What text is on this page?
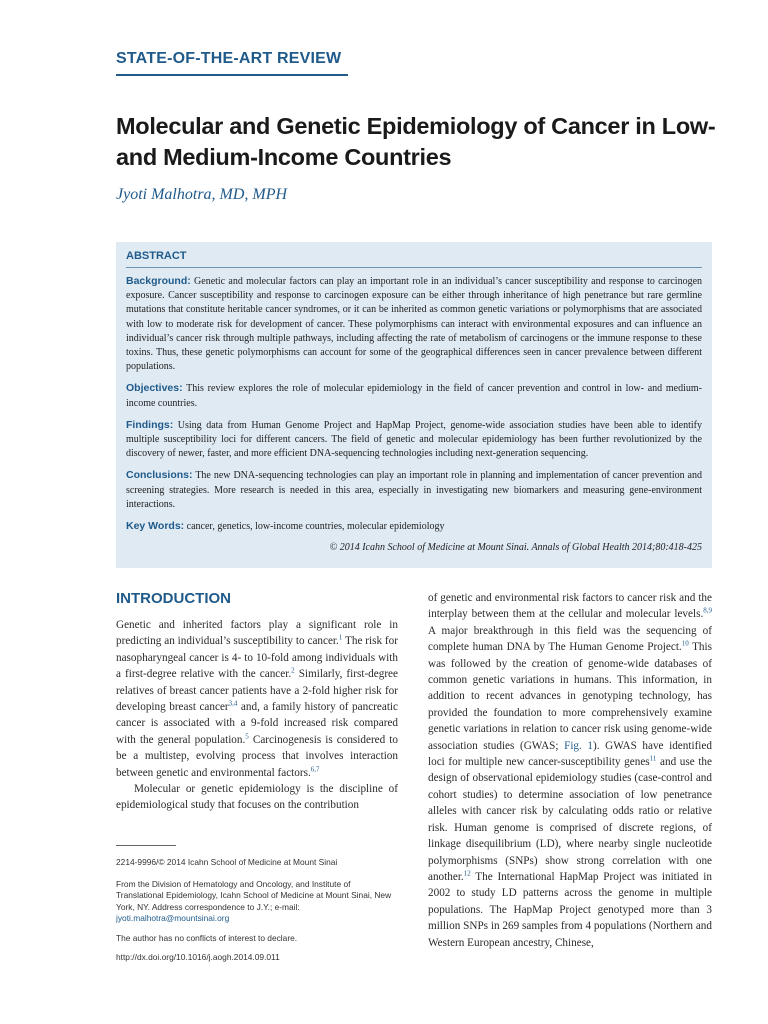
STATE-OF-THE-ART REVIEW
Molecular and Genetic Epidemiology of Cancer in Low- and Medium-Income Countries
Jyoti Malhotra, MD, MPH
ABSTRACT

Background: Genetic and molecular factors can play an important role in an individual’s cancer susceptibility and response to carcinogen exposure. Cancer susceptibility and response to carcinogen exposure can be either through inheritance of high penetrance but rare germline mutations that constitute heritable cancer syndromes, or it can be inherited as common genetic variations or polymorphisms that are associated with low to moderate risk for development of cancer. These polymorphisms can interact with environmental exposures and can influence an individual’s cancer risk through multiple pathways, including affecting the rate of metabolism of carcinogens or the immune response to these toxins. Thus, these genetic polymorphisms can account for some of the geographical differences seen in cancer prevalence between different populations.

Objectives: This review explores the role of molecular epidemiology in the field of cancer prevention and control in low- and medium-income countries.

Findings: Using data from Human Genome Project and HapMap Project, genome-wide association studies have been able to identify multiple susceptibility loci for different cancers. The field of genetic and molecular epidemiology has been further revolutionized by the discovery of newer, faster, and more efficient DNA-sequencing technologies including next-generation sequencing.

Conclusions: The new DNA-sequencing technologies can play an important role in planning and implementation of cancer prevention and screening strategies. More research is needed in this area, especially in investigating new biomarkers and measuring gene-environment interactions.

Key Words: cancer, genetics, low-income countries, molecular epidemiology

© 2014 Icahn School of Medicine at Mount Sinai. Annals of Global Health 2014;80:418-425

INTRODUCTION

Genetic and inherited factors play a significant role in predicting an individual’s susceptibility to cancer.$^1$ The risk for nasopharyngeal cancer is 4- to 10-fold among individuals with a first-degree relative with the cancer.$^2$ Similarly, first-degree relatives of breast cancer patients have a 2-fold higher risk for developing breast cancer$^{3,4}$ and, a family history of pancreatic cancer is associated with a 9-fold increased risk compared with the general population.$^5$ Carcinogenesis is considered to be a multistep, evolving process that involves interaction between genetic and environmental factors.$^{6,7}$

Molecular or genetic epidemiology is the discipline of epidemiological study that focuses on the contribution

2214-9996/© 2014 Icahn School of Medicine at Mount Sinai

From the Division of Hematology and Oncology, and Institute of Translational Epidemiology, Icahn School of Medicine at Mount Sinai, New York, NY. Address correspondence to J.Y.; e-mail: jyoti.malhotra@mountsinai.org

The author has no conflicts of interest to declare.

http://dx.doi.org/10.1016/j.aogh.2014.09.011

of genetic and environmental risk factors to cancer risk and the interplay between them at the cellular and molecular levels.$^{8,9}$ A major breakthrough in this field was the sequencing of complete human DNA by The Human Genome Project.$^{10}$ This was followed by the creation of genome-wide databases of common genetic variations in humans. This information, in addition to recent advances in genotyping technology, has provided the foundation to more comprehensively examine genetic variations in relation to cancer risk using genome-wide association studies (GWAS; Fig. 1). GWAS have identified loci for multiple new cancer-susceptibility genes$^{11}$ and use the design of observational epidemiology studies (case-control and cohort studies) to determine association of low penetrance alleles with cancer risk by calculating odds ratio or relative risk. Human genome is comprised of discrete regions, of linkage disequilibrium (LD), where nearby single nucleotide polymorphisms (SNPs) show strong correlation with one another.$^{12}$ The International HapMap Project was initiated in 2002 to study LD patterns across the genome in multiple populations. The HapMap Project genotyped more than 3 million SNPs in 269 samples from 4 populations (Northern and Western European ancestry, Chinese,
